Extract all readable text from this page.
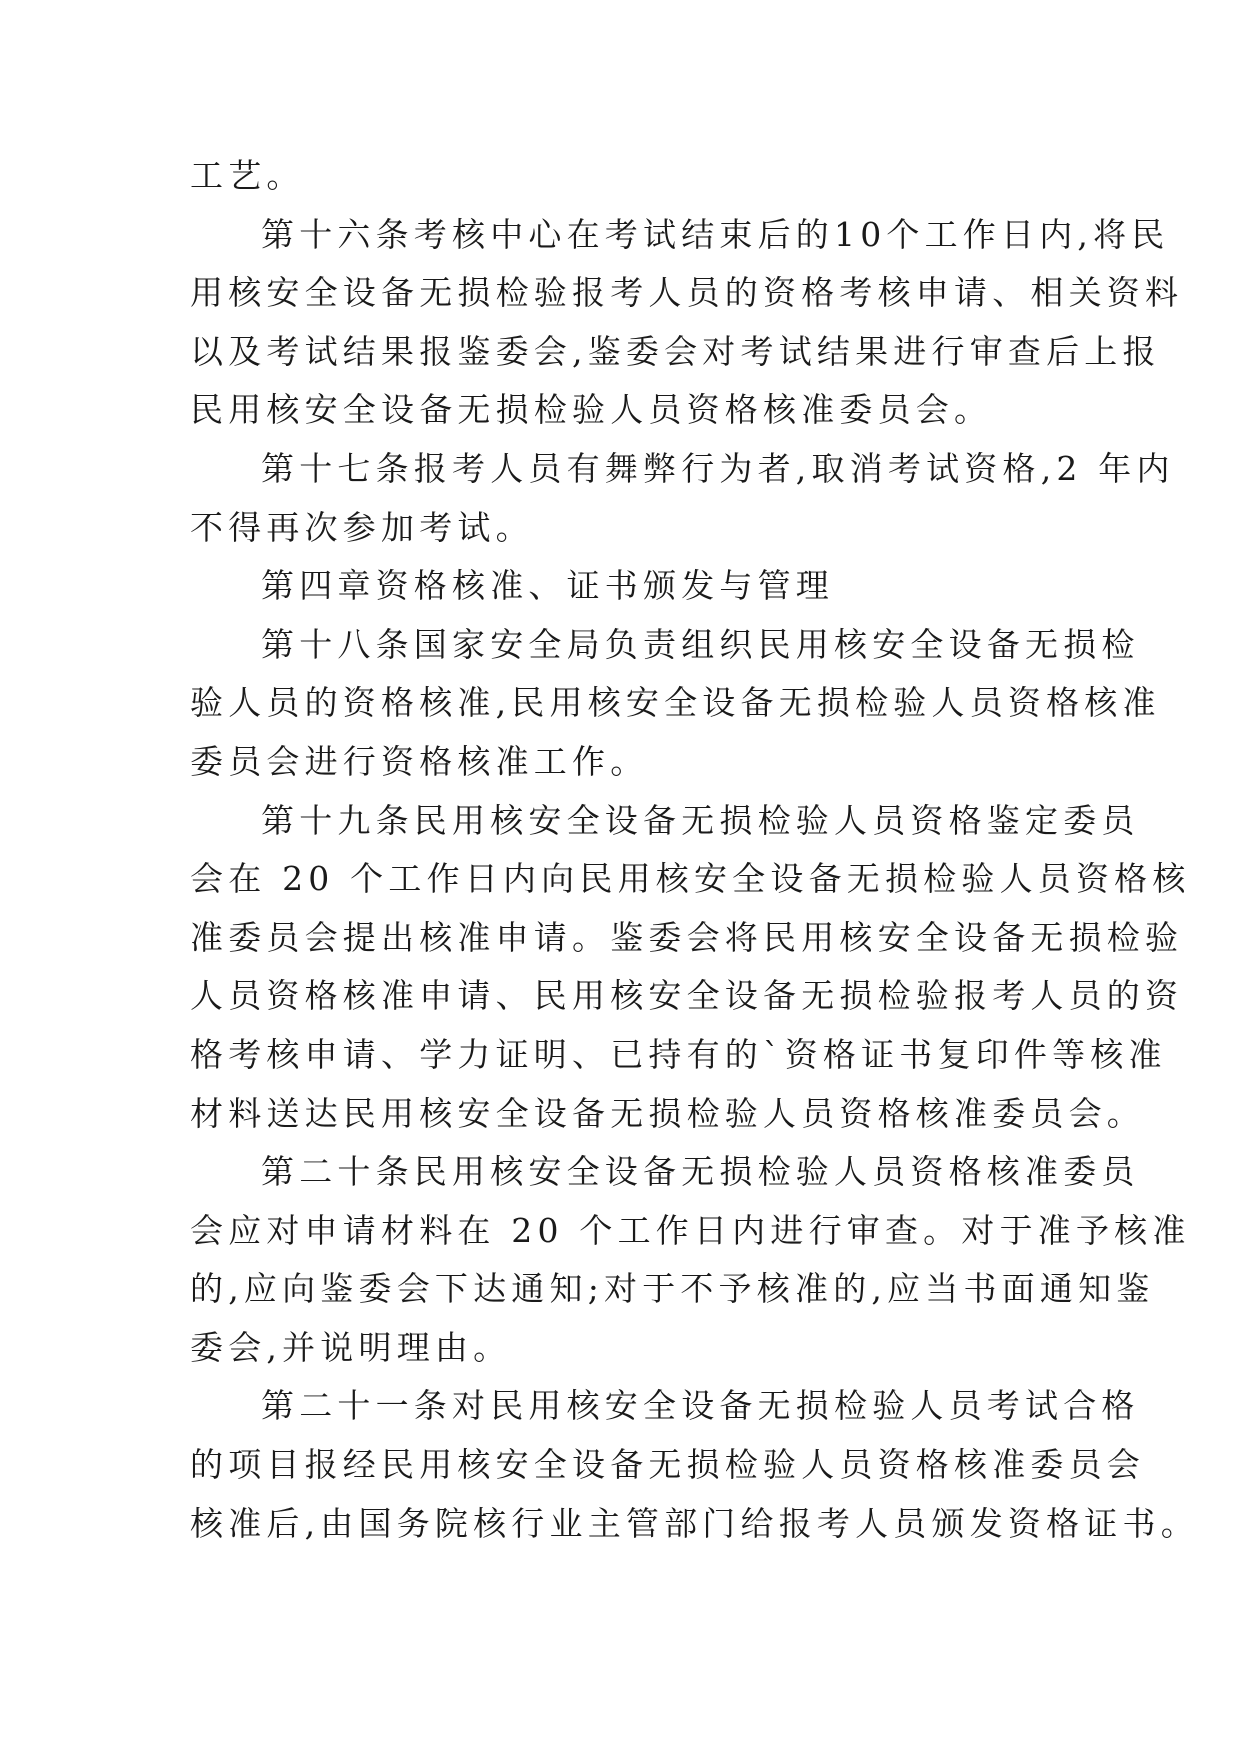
工艺。
第十六条考核中心在考试结束后的10个工作日内,将民
用核安全设备无损检验报考人员的资格考核申请、相关资料
以及考试结果报鉴委会,鉴委会对考试结果进行审查后上报
民用核安全设备无损检验人员资格核准委员会。
第十七条报考人员有舞弊行为者,取消考试资格,2 年内
不得再次参加考试。
第四章资格核准、证书颁发与管理
第十八条国家安全局负责组织民用核安全设备无损检
验人员的资格核准,民用核安全设备无损检验人员资格核准
委员会进行资格核准工作。
第十九条民用核安全设备无损检验人员资格鉴定委员
会在 20 个工作日内向民用核安全设备无损检验人员资格核
准委员会提出核准申请。鉴委会将民用核安全设备无损检验
人员资格核准申请、民用核安全设备无损检验报考人员的资
格考核申请、学力证明、已持有的`资格证书复印件等核准
材料送达民用核安全设备无损检验人员资格核准委员会。
第二十条民用核安全设备无损检验人员资格核准委员
会应对申请材料在 20 个工作日内进行审查。对于准予核准
的,应向鉴委会下达通知;对于不予核准的,应当书面通知鉴
委会,并说明理由。
第二十一条对民用核安全设备无损检验人员考试合格
的项目报经民用核安全设备无损检验人员资格核准委员会
核准后,由国务院核行业主管部门给报考人员颁发资格证书。
